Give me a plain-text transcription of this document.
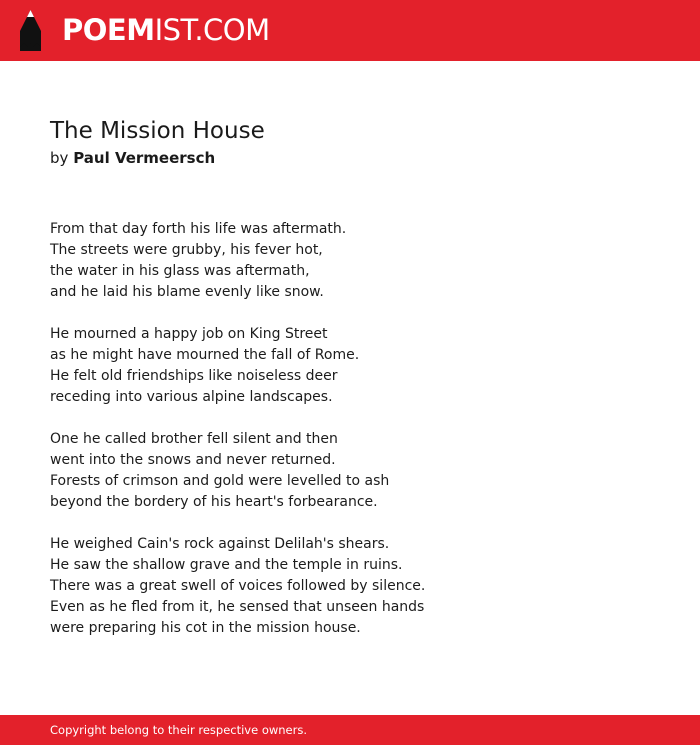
POEMIST.COM
The Mission House
by Paul Vermeersch
From that day forth his life was aftermath.
The streets were grubby, his fever hot,
the water in his glass was aftermath,
and he laid his blame evenly like snow.
He mourned a happy job on King Street
as he might have mourned the fall of Rome.
He felt old friendships like noiseless deer
receding into various alpine landscapes.
One he called brother fell silent and then
went into the snows and never returned.
Forests of crimson and gold were levelled to ash
beyond the bordery of his heart's forbearance.
He weighed Cain's rock against Delilah's shears.
He saw the shallow grave and the temple in ruins.
There was a great swell of voices followed by silence.
Even as he fled from it, he sensed that unseen hands
were preparing his cot in the mission house.
Copyright belong to their respective owners.
